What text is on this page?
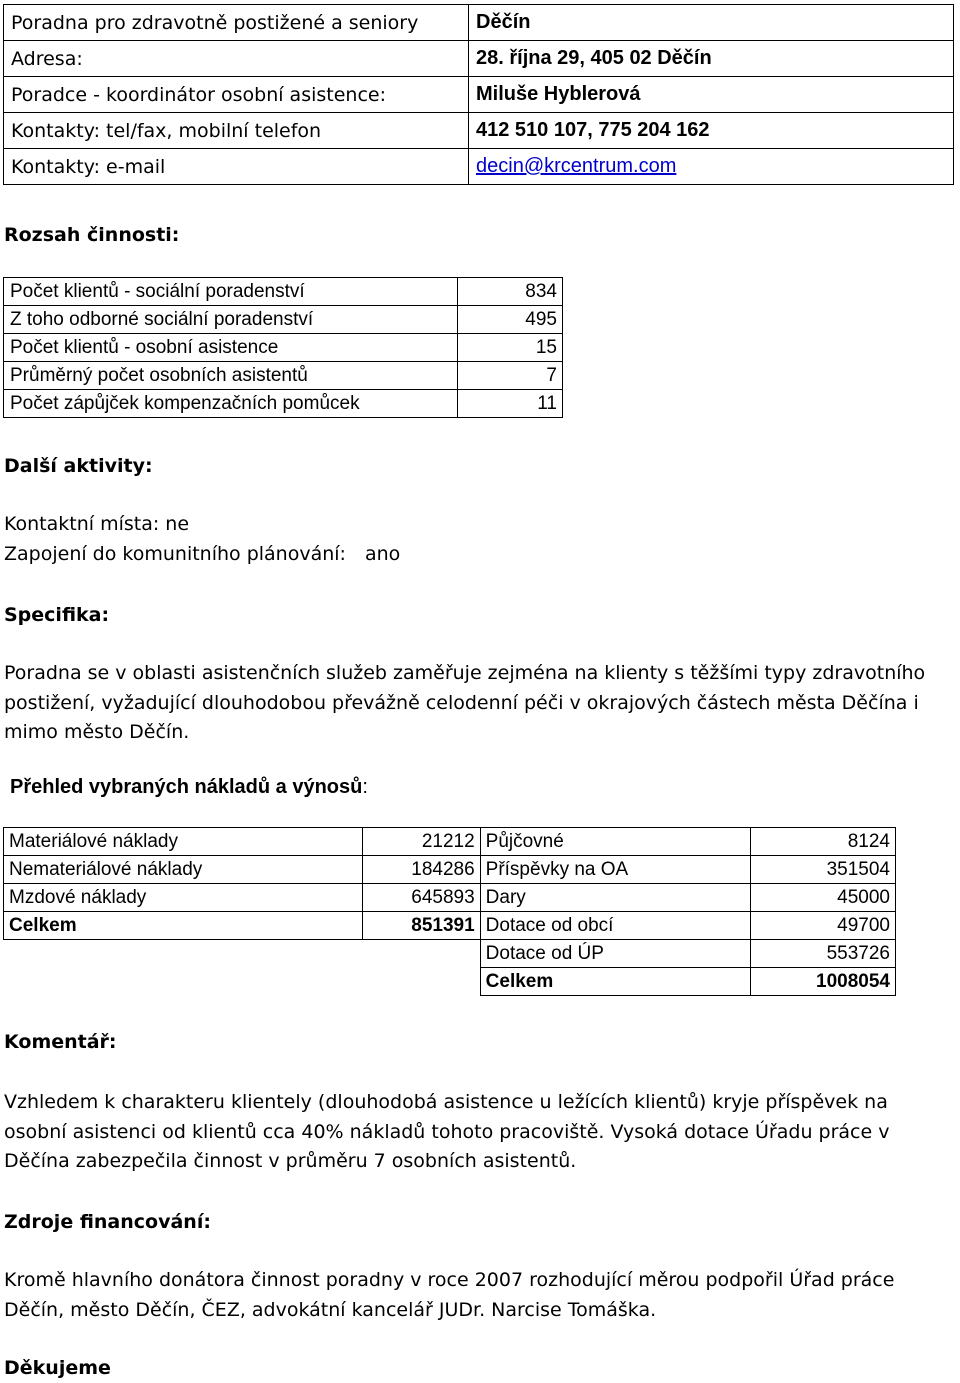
Poradna pro zdravotně postižené a seniory	Děčín
Adresa:	28. října 29, 405 02 Děčín
Poradce - koordinátor osobní asistence:	Miluše Hyblerová
Kontakty: tel/fax, mobilní telefon	412 510 107, 775 204 162
Kontakty: e-mail	decin@krcentrum.com
Rozsah činnosti:
Počet klientů - sociální poradenství	834
Z toho odborné sociální poradenství	495
Počet klientů - osobní asistence	15
Průměrný počet osobních asistentů	7
Počet zápůjček kompenzačních pomůcek	11
Další aktivity:
Kontaktní místa: ne
Zapojení do komunitního plánování: ano
Specifika:
Poradna se v oblasti asistenčních služeb zaměřuje zejména na klienty s těžšími typy zdravotního postižení, vyžadující dlouhodobou převážně celodenní péči v okrajových částech města Děčína i mimo město Děčín.
Přehled vybraných nákladů a výnosů:
Materiálové náklady	21212	Půjčovné	8124
Nemateriálové náklady	184286	Příspěvky na OA	351504
Mzdové náklady	645893	Dary	45000
Celkem	851391	Dotace od obcí	49700
		Dotace od ÚP	553726
		Celkem	1008054
Komentář:
Vzhledem k charakteru klientely (dlouhodobá asistence u ležících klientů) kryje příspěvek na osobní asistenci od klientů cca 40% nákladů tohoto pracoviště. Vysoká dotace Úřadu práce v Děčína zabezpečila činnost v průměru 7 osobních asistentů.
Zdroje financování:
Kromě hlavního donátora činnost poradny v roce 2007 rozhodující měrou podpořil Úřad práce Děčín, město Děčín, ČEZ, advokátní kancelář JUDr. Narcise Tomáška.
Děkujeme
